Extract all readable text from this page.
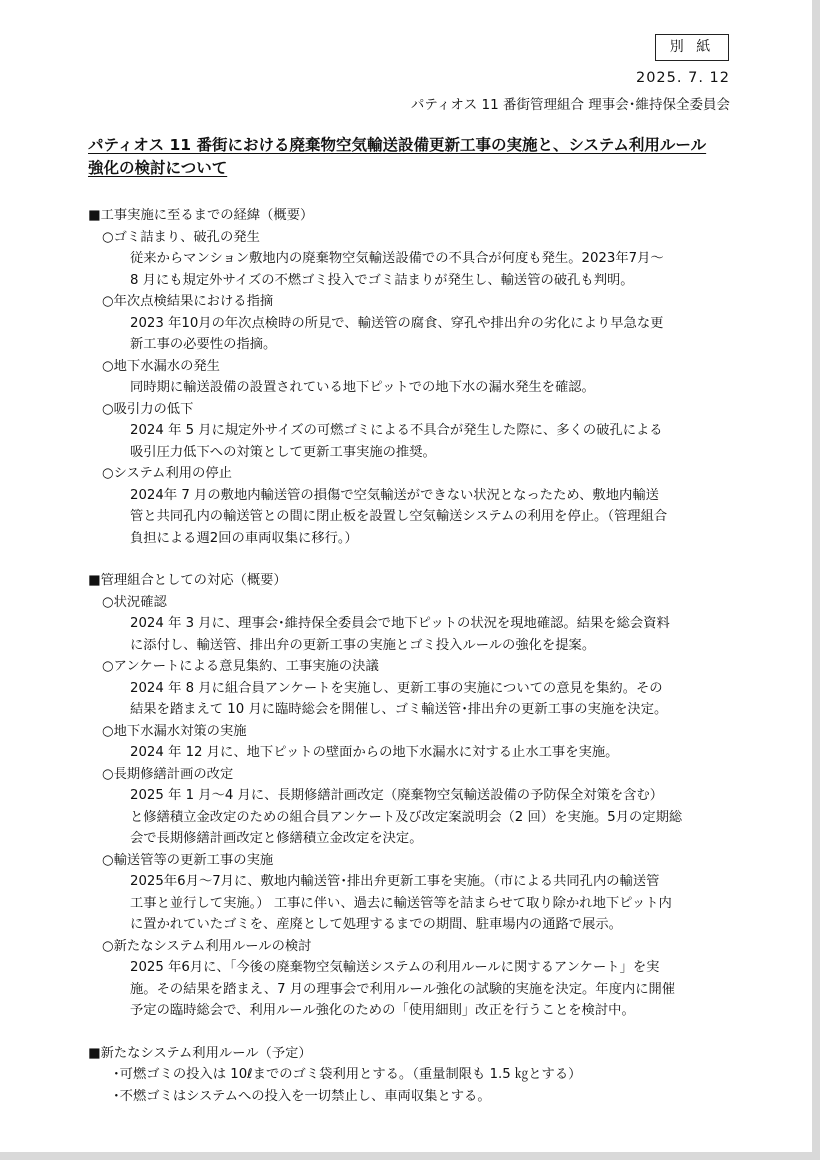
別 紙
2025. 7. 12
パティオス 11 番街管理組合 理事会･維持保全委員会
パティオス 11 番街における廃棄物空気輸送設備更新工事の実施と、システム利用ルール
強化の検討について
■工事実施に至るまでの経緯（概要）
○ゴミ詰まり、破孔の発生
従来からマンション敷地内の廃棄物空気輸送設備での不具合が何度も発生。2023年7月～
8 月にも規定外サイズの不燃ゴミ投入でゴミ詰まりが発生し、輸送管の破孔も判明。
○年次点検結果における指摘
2023 年10月の年次点検時の所見で、輸送管の腐食、穿孔や排出弁の劣化により早急な更
新工事の必要性の指摘。
○地下水漏水の発生
同時期に輸送設備の設置されている地下ピットでの地下水の漏水発生を確認。
○吸引力の低下
2024 年 5 月に規定外サイズの可燃ゴミによる不具合が発生した際に、多くの破孔による
吸引圧力低下への対策として更新工事実施の推奨。
○システム利用の停止
2024年 7 月の敷地内輸送管の損傷で空気輸送ができない状況となったため、敷地内輸送
管と共同孔内の輸送管との間に閉止板を設置し空気輸送システムの利用を停止。（管理組合
負担による週2回の車両収集に移行。）
■管理組合としての対応（概要）
○状況確認
2024 年 3 月に、理事会･維持保全委員会で地下ピットの状況を現地確認。結果を総会資料
に添付し、輸送管、排出弁の更新工事の実施とゴミ投入ルールの強化を提案。
○アンケートによる意見集約、工事実施の決議
2024 年 8 月に組合員アンケートを実施し、更新工事の実施についての意見を集約。その
結果を踏まえて 10 月に臨時総会を開催し、ゴミ輸送管･排出弁の更新工事の実施を決定。
○地下水漏水対策の実施
2024 年 12 月に、地下ピットの壁面からの地下水漏水に対する止水工事を実施。
○長期修繕計画の改定
2025 年 1 月～4 月に、長期修繕計画改定（廃棄物空気輸送設備の予防保全対策を含む）
と修繕積立金改定のための組合員アンケート及び改定案説明会（2 回）を実施。5月の定期総
会で長期修繕計画改定と修繕積立金改定を決定。
○輸送管等の更新工事の実施
2025年6月～7月に、敷地内輸送管･排出弁更新工事を実施。（市による共同孔内の輸送管
工事と並行して実施。） 工事に伴い、過去に輸送管等を詰まらせて取り除かれ地下ピット内
に置かれていたゴミを、産廃として処理するまでの期間、駐車場内の通路で展示。
○新たなシステム利用ルールの検討
2025 年6月に、「今後の廃棄物空気輸送システムの利用ルールに関するアンケート」を実
施。その結果を踏まえ、7 月の理事会で利用ルール強化の試験的実施を決定。年度内に開催
予定の臨時総会で、利用ルール強化のための「使用細則」改正を行うことを検討中。
■新たなシステム利用ルール（予定）
･可燃ゴミの投入は 10ℓまでのゴミ袋利用とする。（重量制限も 1.5 ㎏とする）
･不燃ゴミはシステムへの投入を一切禁止し、車両収集とする。
